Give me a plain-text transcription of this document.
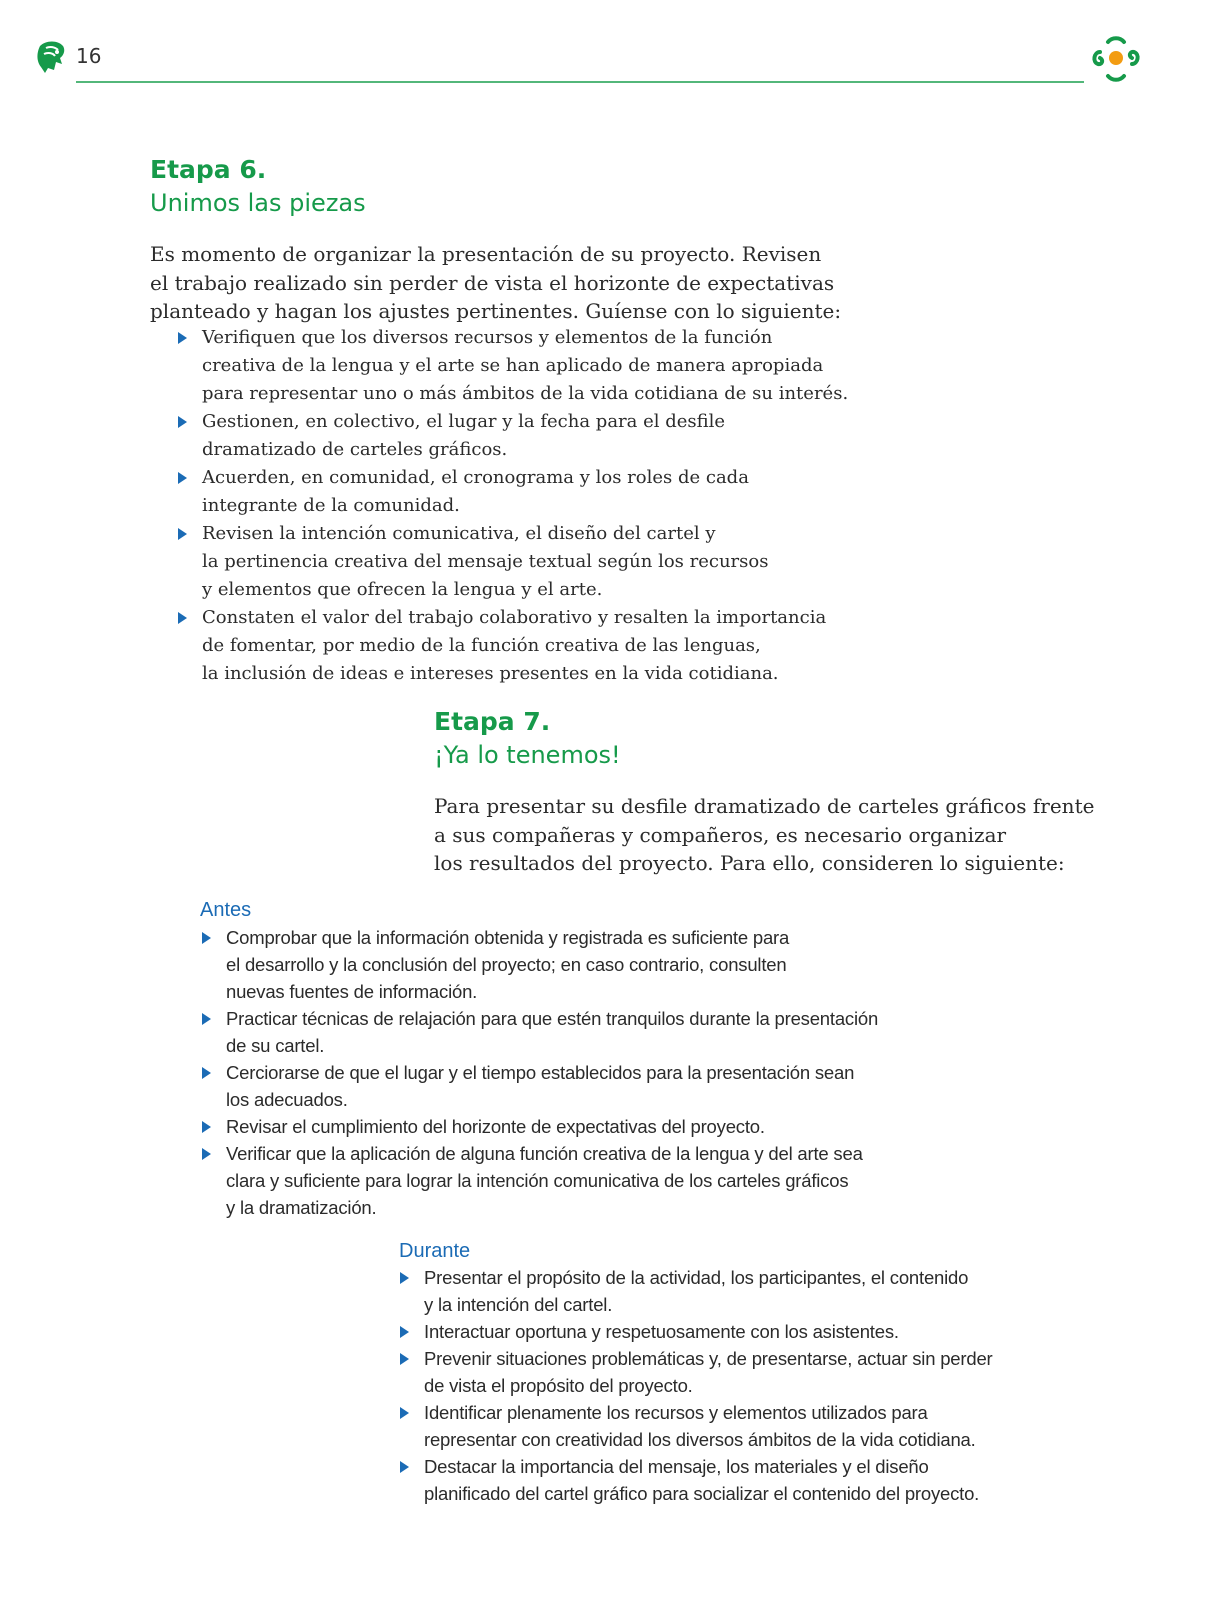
16

Etapa 6.

Unimos las piezas

Es momento de organizar la presentación de su proyecto. Revisen
el trabajo realizado sin perder de vista el horizonte de expectativas
planteado y hagan los ajustes pertinentes. Guíense con lo siguiente:

Verifiquen que los diversos recursos y elementos de la función
creativa de la lengua y el arte se han aplicado de manera apropiada
para representar uno o más ámbitos de la vida cotidiana de su interés.
Gestionen, en colectivo, el lugar y la fecha para el desfile
dramatizado de carteles gráficos.
Acuerden, en comunidad, el cronograma y los roles de cada
integrante de la comunidad.
Revisen la intención comunicativa, el diseño del cartel y
la pertinencia creativa del mensaje textual según los recursos
y elementos que ofrecen la lengua y el arte.
Constaten el valor del trabajo colaborativo y resalten la importancia
de fomentar, por medio de la función creativa de las lenguas,
la inclusión de ideas e intereses presentes en la vida cotidiana.

Etapa 7.

¡Ya lo tenemos!

Para presentar su desfile dramatizado de carteles gráficos frente
a sus compañeras y compañeros, es necesario organizar
los resultados del proyecto. Para ello, consideren lo siguiente:

Antes

Comprobar que la información obtenida y registrada es suficiente para
el desarrollo y la conclusión del proyecto; en caso contrario, consulten
nuevas fuentes de información.
Practicar técnicas de relajación para que estén tranquilos durante la presentación
de su cartel.
Cerciorarse de que el lugar y el tiempo establecidos para la presentación sean
los adecuados.
Revisar el cumplimiento del horizonte de expectativas del proyecto.
Verificar que la aplicación de alguna función creativa de la lengua y del arte sea
clara y suficiente para lograr la intención comunicativa de los carteles gráficos
y la dramatización.

Durante

Presentar el propósito de la actividad, los participantes, el contenido
y la intención del cartel.
Interactuar oportuna y respetuosamente con los asistentes.
Prevenir situaciones problemáticas y, de presentarse, actuar sin perder
de vista el propósito del proyecto.
Identificar plenamente los recursos y elementos utilizados para
representar con creatividad los diversos ámbitos de la vida cotidiana.
Destacar la importancia del mensaje, los materiales y el diseño
planificado del cartel gráfico para socializar el contenido del proyecto.
